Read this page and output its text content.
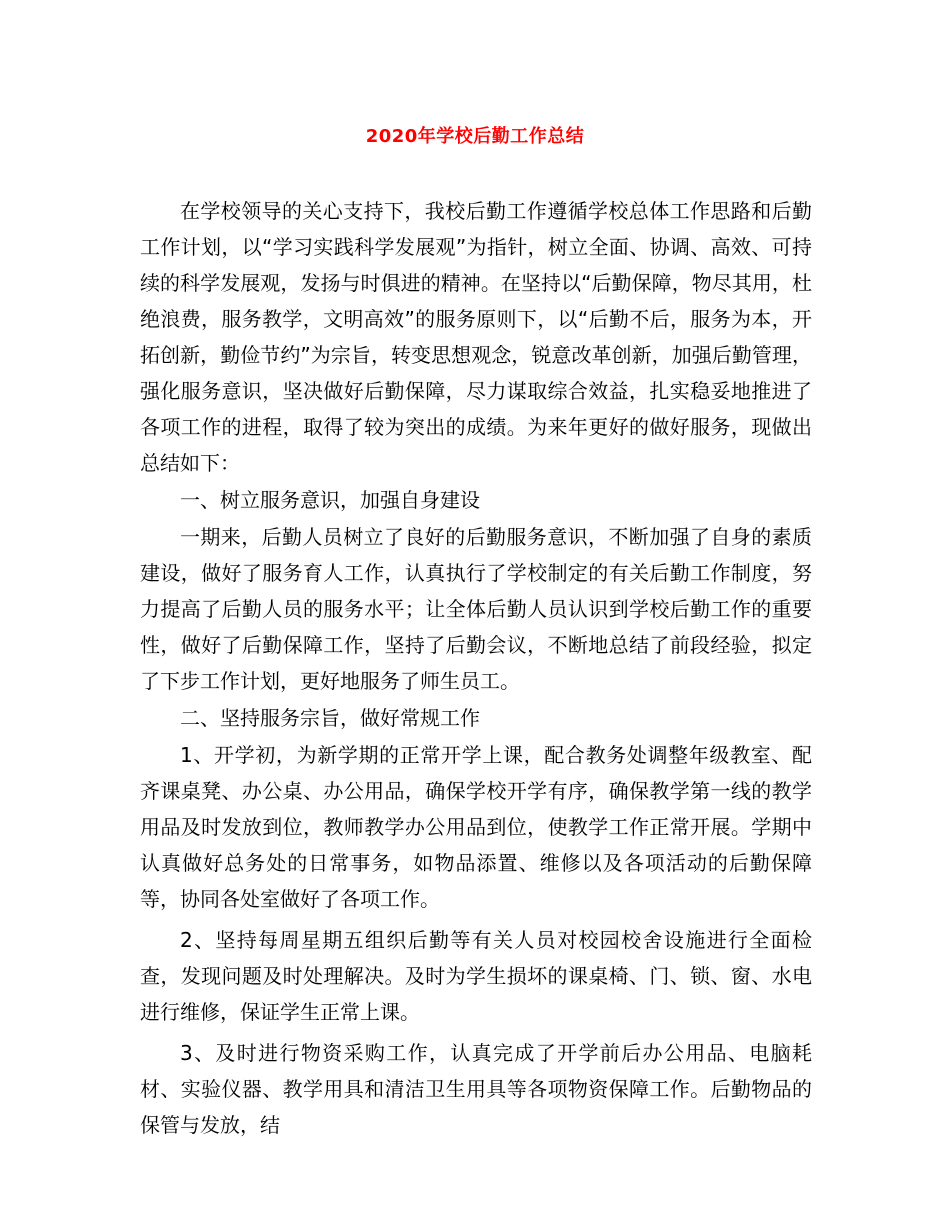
2020年学校后勤工作总结

在学校领导的关心支持下，我校后勤工作遵循学校总体工作思路和后勤工作计划，以“学习实践科学发展观”为指针，树立全面、协调、高效、可持续的科学发展观，发扬与时俱进的精神。在坚持以“后勤保障，物尽其用，杜绝浪费，服务教学，文明高效”的服务原则下，以“后勤不后，服务为本，开拓创新，勤俭节约”为宗旨，转变思想观念，锐意改革创新，加强后勤管理，强化服务意识，坚决做好后勤保障，尽力谋取综合效益，扎实稳妥地推进了各项工作的进程，取得了较为突出的成绩。为来年更好的做好服务，现做出总结如下：

一、树立服务意识，加强自身建设

一期来，后勤人员树立了良好的后勤服务意识，不断加强了自身的素质建设，做好了服务育人工作，认真执行了学校制定的有关后勤工作制度，努力提高了后勤人员的服务水平；让全体后勤人员认识到学校后勤工作的重要性，做好了后勤保障工作，坚持了后勤会议，不断地总结了前段经验，拟定了下步工作计划，更好地服务了师生员工。

二、坚持服务宗旨，做好常规工作

1、开学初，为新学期的正常开学上课，配合教务处调整年级教室、配齐课桌凳、办公桌、办公用品，确保学校开学有序，确保教学第一线的教学用品及时发放到位，教师教学办公用品到位，使教学工作正常开展。学期中认真做好总务处的日常事务，如物品添置、维修以及各项活动的后勤保障等，协同各处室做好了各项工作。

2、坚持每周星期五组织后勤等有关人员对校园校舍设施进行全面检查，发现问题及时处理解决。及时为学生损坏的课桌椅、门、锁、窗、水电进行维修，保证学生正常上课。

3、及时进行物资采购工作，认真完成了开学前后办公用品、电脑耗材、实验仪器、教学用具和清洁卫生用具等各项物资保障工作。后勤物品的保管与发放，结
